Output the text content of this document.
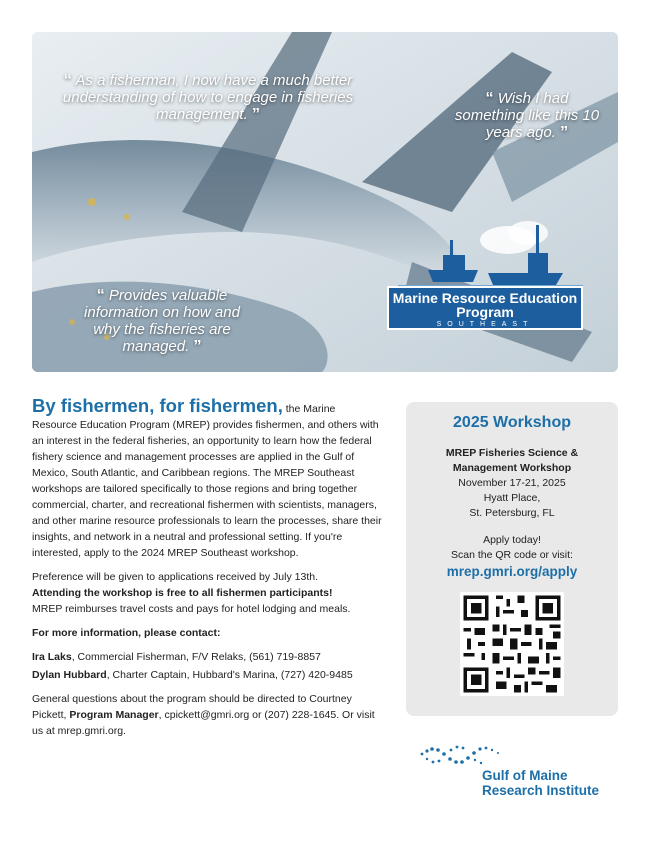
“ As a fisherman, I now have a much better understanding of how to engage in fisheries management. ”
“ Wish I had something like this 10 years ago. ”
“ Provides valuable information on how and why the fisheries are managed. ”
Marine Resource Education Program
SOUTHEAST

By fishermen, for fishermen, the Marine Resource Education Program (MREP) provides fishermen, and others with an interest in the federal fisheries, an opportunity to learn how the federal fishery science and management processes are applied in the Gulf of Mexico, South Atlantic, and Caribbean regions. The MREP Southeast workshops are tailored specifically to those regions and bring together commercial, charter, and recreational fishermen with scientists, managers, and other marine resource professionals to learn the processes, share their insights, and network in a neutral and professional setting. If you're interested, apply to the 2024 MREP Southeast workshop.

Preference will be given to applications received by July 13th.

Attending the workshop is free to all fishermen participants!

MREP reimburses travel costs and pays for hotel lodging and meals.

For more information, please contact:

Ira Laks, Commercial Fisherman, F/V Relaks, (561) 719-8857

Dylan Hubbard, Charter Captain, Hubbard's Marina, (727) 420-9485

General questions about the program should be directed to Courtney Pickett, Program Manager, cpickett@gmri.org or (207) 228-1645. Or visit us at mrep.gmri.org.

2025 Workshop
MREP Fisheries Science &
Management Workshop
November 17-21, 2025
Hyatt Place,
St. Petersburg, FL
Apply today!
Scan the QR code or visit:
mrep.gmri.org/apply
Gulf of Maine
Research Institute
